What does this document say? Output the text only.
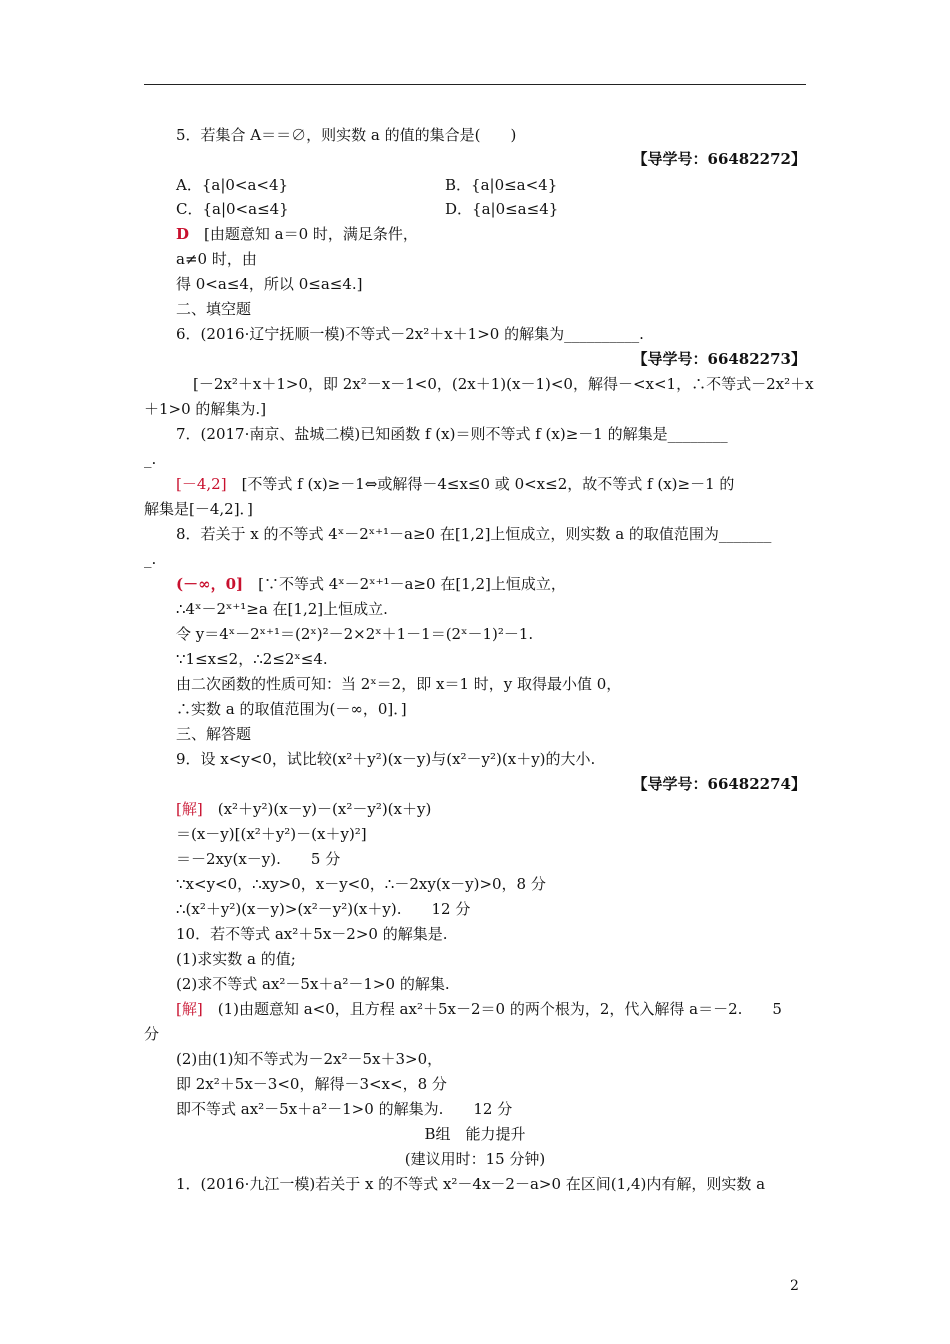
5．若集合 A＝＝∅，则实数 a 的值的集合是(　　)
【导学号：66482272】
A．{a|0<a<4}	B．{a|0≤a<4}
C．{a|0<a≤4}	D．{a|0≤a≤4}
D　[由题意知 a＝0 时，满足条件，
a≠0 时，由
得 0<a≤4，所以 0≤a≤4.]
二、填空题
6．(2016·辽宁抚顺一模)不等式－2x²＋x＋1>0 的解集为__________.
【导学号：66482273】
[－2x²＋x＋1>0，即 2x²－x－1<0，(2x＋1)(x－1)<0，解得－<x<1，∴不等式－2x²＋x
＋1>0 的解集为.]
7．(2017·南京、盐城二模)已知函数 f (x)＝则不等式 f (x)≥－1 的解集是________
_.
[－4,2]　[不等式 f (x)≥－1⇔或解得－4≤x≤0 或 0<x≤2，故不等式 f (x)≥－1 的
解集是[－4,2]．]
8．若关于 x 的不等式 4ˣ－2ˣ⁺¹－a≥0 在[1,2]上恒成立，则实数 a 的取值范围为_______
_.
(－∞，0]　[∵不等式 4ˣ－2ˣ⁺¹－a≥0 在[1,2]上恒成立，
∴4ˣ－2ˣ⁺¹≥a 在[1,2]上恒成立.
令 y＝4ˣ－2ˣ⁺¹＝(2ˣ)²－2×2ˣ＋1－1＝(2ˣ－1)²－1.
∵1≤x≤2，∴2≤2ˣ≤4.
由二次函数的性质可知：当 2ˣ＝2，即 x＝1 时，y 取得最小值 0，
∴实数 a 的取值范围为(－∞，0]．]
三、解答题
9．设 x<y<0，试比较(x²＋y²)(x－y)与(x²－y²)(x＋y)的大小.
【导学号：66482274】
[解]　(x²＋y²)(x－y)－(x²－y²)(x＋y)
＝(x－y)[(x²＋y²)－(x＋y)²]
＝－2xy(x－y).　　5 分
∵x<y<0，∴xy>0，x－y<0，∴－2xy(x－y)>0，8 分
∴(x²＋y²)(x－y)>(x²－y²)(x＋y).　　12 分
10．若不等式 ax²＋5x－2>0 的解集是.
(1)求实数 a 的值;
(2)求不等式 ax²－5x＋a²－1>0 的解集.
[解]　(1)由题意知 a<0，且方程 ax²＋5x－2＝0 的两个根为，2，代入解得 a＝－2.　　5
分
(2)由(1)知不等式为－2x²－5x＋3>0，
即 2x²＋5x－3<0，解得－3<x<，8 分
即不等式 ax²－5x＋a²－1>0 的解集为.　　12 分
B组　能力提升
(建议用时：15 分钟)
1．(2016·九江一模)若关于 x 的不等式 x²－4x－2－a>0 在区间(1,4)内有解，则实数 a
2
